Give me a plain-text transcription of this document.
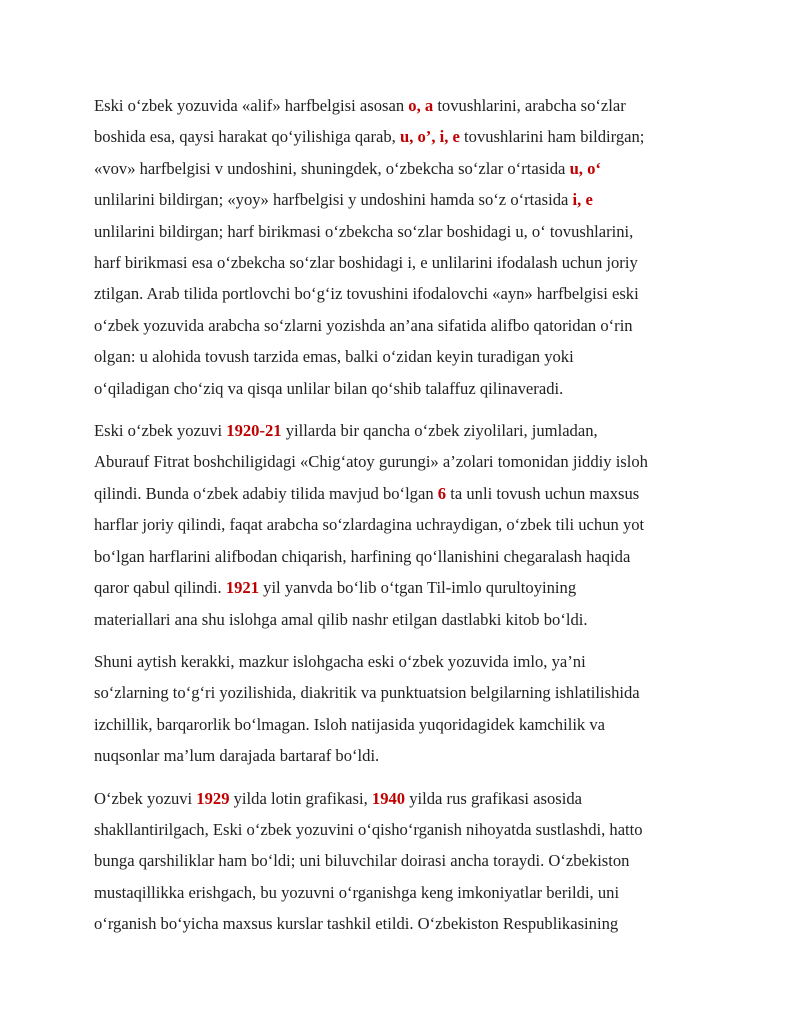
Eski o‘zbek yozuvida «alif» harfbelgisi asosan o, a tovushlarini, arabcha so‘zlar
boshida esa, qaysi harakat qo‘yilishiga qarab, u, o’, i, e tovushlarini ham bildirgan;
«vov» harfbelgisi v undoshini, shuningdek, o‘zbekcha so‘zlar o‘rtasida u, o‘
unlilarini bildirgan; «yoy» harfbelgisi y undoshini hamda so‘z o‘rtasida i, e
unlilarini bildirgan; harf birikmasi o‘zbekcha so‘zlar boshidagi u, o‘ tovushlarini,
harf birikmasi esa o‘zbekcha so‘zlar boshidagi i, e unlilarini ifodalash uchun joriy
ztilgan. Arab tilida portlovchi bo‘g‘iz tovushini ifodalovchi «ayn» harfbelgisi eski
o‘zbek yozuvida arabcha so‘zlarni yozishda an’ana sifatida alifbo qatoridan o‘rin
olgan: u alohida tovush tarzida emas, balki o‘zidan keyin turadigan yoki
o‘qiladigan cho‘ziq va qisqa unlilar bilan qo‘shib talaffuz qilinaveradi.

Eski o‘zbek yozuvi 1920-21 yillarda bir qancha o‘zbek ziyolilari, jumladan,
Aburauf Fitrat boshchiligidagi «Chig‘atoy gurungi» a’zolari tomonidan jiddiy isloh
qilindi. Bunda o‘zbek adabiy tilida mavjud bo‘lgan 6 ta unli tovush uchun maxsus
harflar joriy qilindi, faqat arabcha so‘zlardagina uchraydigan, o‘zbek tili uchun yot
bo‘lgan harflarini alifbodan chiqarish, harfining qo‘llanishini chegaralash haqida
qaror qabul qilindi. 1921 yil yanvda bo‘lib o‘tgan Til-imlo qurultoyining
materiallari ana shu islohga amal qilib nashr etilgan dastlabki kitob bo‘ldi.

Shuni aytish kerakki, mazkur islohgacha eski o‘zbek yozuvida imlo, ya’ni
so‘zlarning to‘g‘ri yozilishida, diakritik va punktuatsion belgilarning ishlatilishida
izchillik, barqarorlik bo‘lmagan. Isloh natijasida yuqoridagidek kamchilik va
nuqsonlar ma’lum darajada bartaraf bo‘ldi.

O‘zbek yozuvi 1929 yilda lotin grafikasi, 1940 yilda rus grafikasi asosida
shakllantirilgach, Eski o‘zbek yozuvini o‘qisho‘rganish nihoyatda sustlashdi, hatto
bunga qarshiliklar ham bo‘ldi; uni biluvchilar doirasi ancha toraydi. O‘zbekiston
mustaqillikka erishgach, bu yozuvni o‘rganishga keng imkoniyatlar berildi, uni
o‘rganish bo‘yicha maxsus kurslar tashkil etildi. O‘zbekiston Respublikasining
